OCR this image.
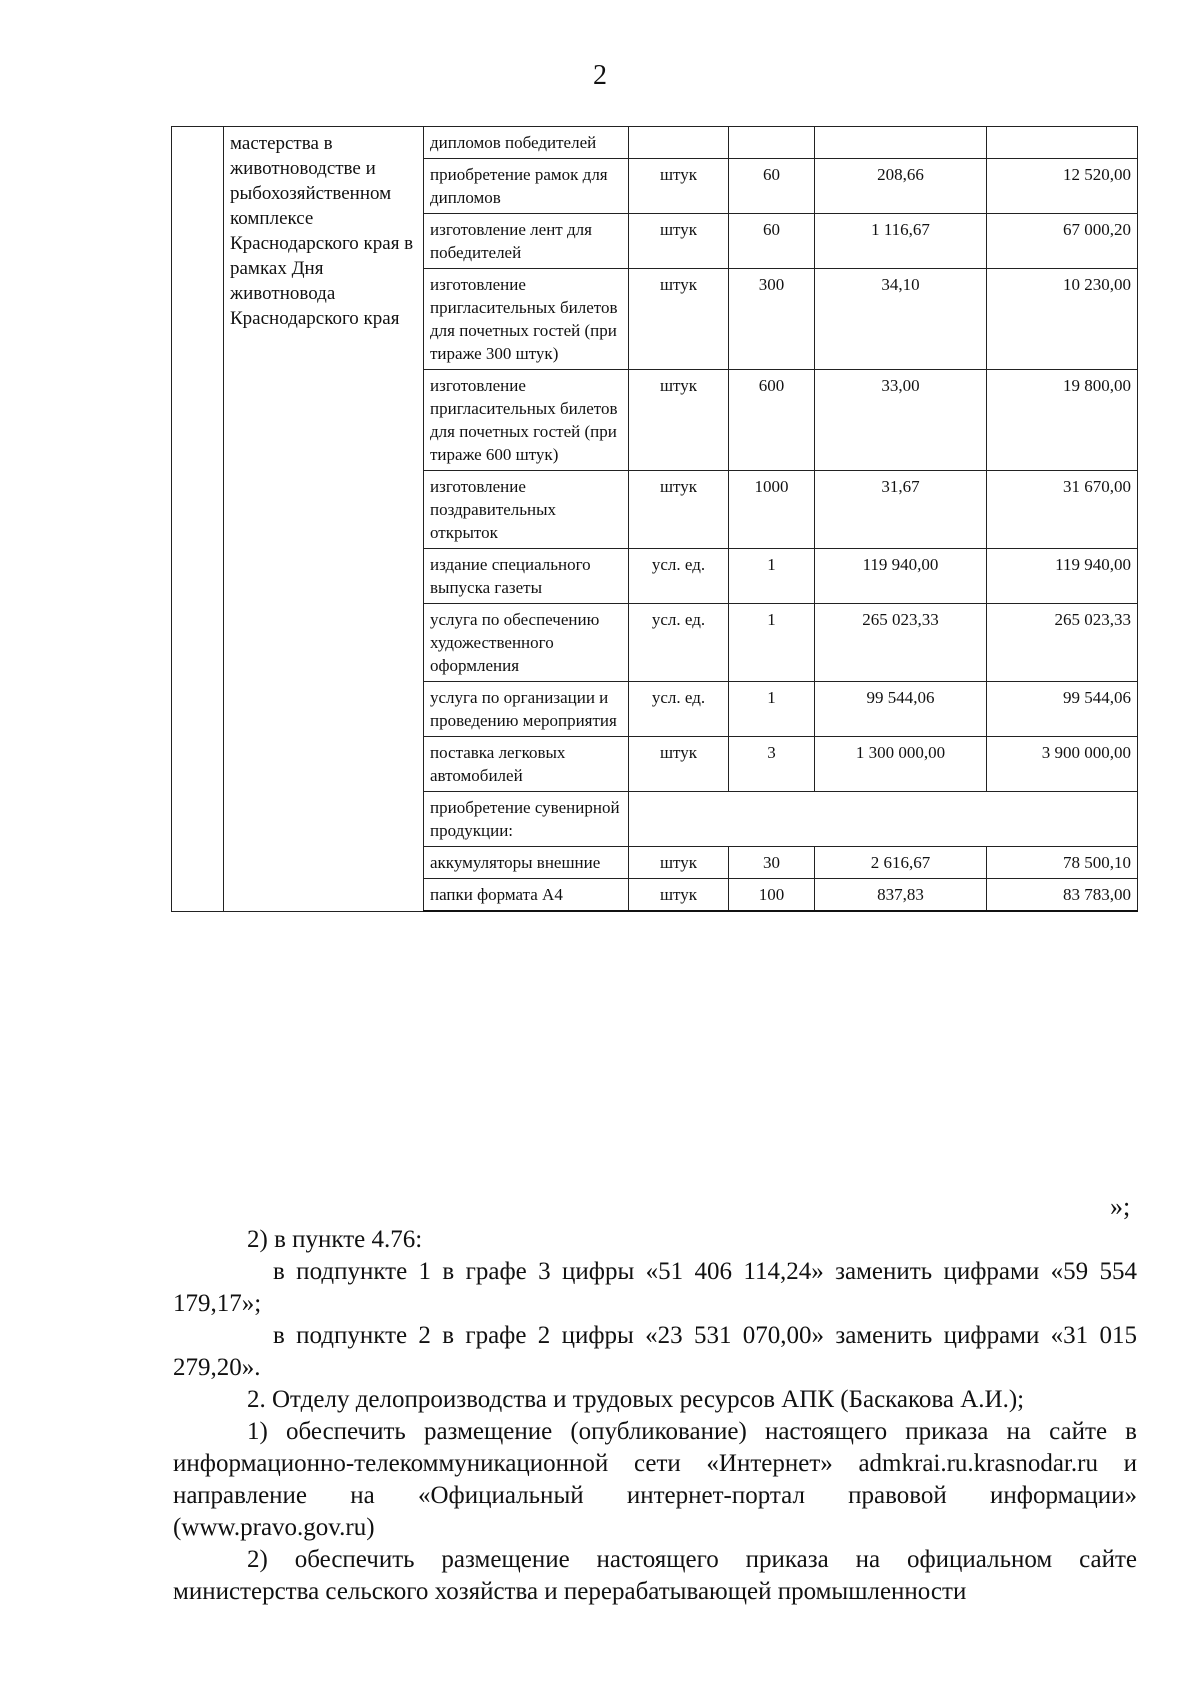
2
	мастерства в животноводстве и рыбохозяйственном комплексе Краснодарского края в рамках Дня животновода Краснодарского края	дипломов победителей				
		приобретение рамок для дипломов	штук	60	208,66	12 520,00
		изготовление лент для победителей	штук	60	1 116,67	67 000,20
		изготовление пригласительных билетов для почетных гостей (при тираже 300 штук)	штук	300	34,10	10 230,00
		изготовление пригласительных билетов для почетных гостей (при тираже 600 штук)	штук	600	33,00	19 800,00
		изготовление поздравительных открыток	штук	1000	31,67	31 670,00
		издание специального выпуска газеты	усл. ед.	1	119 940,00	119 940,00
		услуга по обеспечению художественного оформления	усл. ед.	1	265 023,33	265 023,33
		услуга по организации и проведению мероприятия	усл. ед.	1	99 544,06	99 544,06
		поставка легковых автомобилей	штук	3	1 300 000,00	3 900 000,00
		приобретение сувенирной продукции:				
		аккумуляторы внешние	штук	30	2 616,67	78 500,10
		папки формата А4	штук	100	837,83	83 783,00
»;

2) в пункте 4.76:

в подпункте 1 в графе 3 цифры «51 406 114,24» заменить цифрами «59 554 179,17»;

в подпункте 2 в графе 2 цифры «23 531 070,00» заменить цифрами «31 015 279,20».

2. Отделу делопроизводства и трудовых ресурсов АПК (Баскакова А.И.);

1) обеспечить размещение (опубликование) настоящего приказа на сайте в информационно-телекоммуникационной сети «Интернет» admkrai.ru.krasnodar.ru и направление на «Официальный интернет-портал правовой информации» (www.pravo.gov.ru)

2) обеспечить размещение настоящего приказа на официальном сайте министерства сельского хозяйства и перерабатывающей промышленности
